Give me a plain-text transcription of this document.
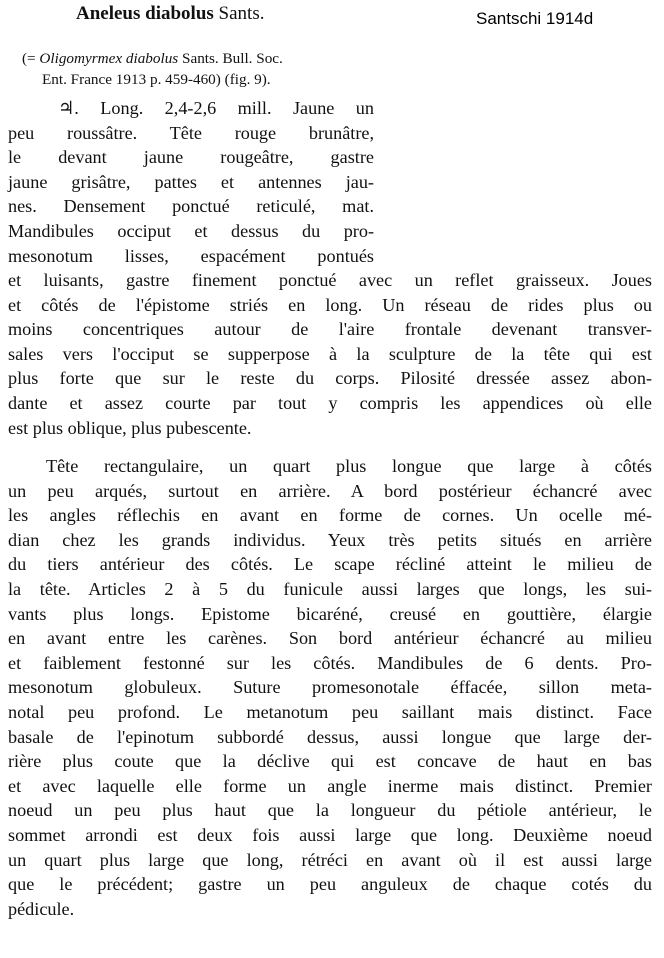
Santschi 1914d
Aneleus diabolus Sants.
(= Oligomyrmex diabolus Sants. Bull. Soc.
Ent. France 1913 p. 459-460) (fig. 9).
♃. Long. 2,4-2,6 mill. Jaune un
peu roussâtre. Tête rouge brunâtre,
le devant jaune rougeâtre, gastre
jaune grisâtre, pattes et antennes jau-
nes. Densement ponctué reticulé, mat.
Mandibules occiput et dessus du pro-
mesonotum lisses, espacément pontués
et luisants, gastre finement ponctué avec un reflet graisseux. Joues
et côtés de l'épistome striés en long. Un réseau de rides plus ou
moins concentriques autour de l'aire frontale devenant transver-
sales vers l'occiput se supperpose à la sculpture de la tête qui est
plus forte que sur le reste du corps. Pilosité dressée assez abon-
dante et assez courte par tout y compris les appendices où elle
est plus oblique, plus pubescente.
Tête rectangulaire, un quart plus longue que large à côtés
un peu arqués, surtout en arrière. A bord postérieur échancré avec
les angles réflechis en avant en forme de cornes. Un ocelle mé-
dian chez les grands individus. Yeux très petits situés en arrière
du tiers antérieur des côtés. Le scape récliné atteint le milieu de
la tête. Articles 2 à 5 du funicule aussi larges que longs, les sui-
vants plus longs. Epistome bicaréné, creusé en gouttière, élargie
en avant entre les carènes. Son bord antérieur échancré au milieu
et faiblement festonné sur les côtés. Mandibules de 6 dents. Pro-
mesonotum globuleux. Suture promesonotale éffacée, sillon meta-
notal peu profond. Le metanotum peu saillant mais distinct. Face
basale de l'epinotum subbordé dessus, aussi longue que large der-
rière plus coute que la déclive qui est concave de haut en bas
et avec laquelle elle forme un angle inerme mais distinct. Premier
noeud un peu plus haut que la longueur du pétiole antérieur, le
sommet arrondi est deux fois aussi large que long. Deuxième noeud
un quart plus large que long, rétréci en avant où il est aussi large
que le précédent; gastre un peu anguleux de chaque cotés du
pédicule.
